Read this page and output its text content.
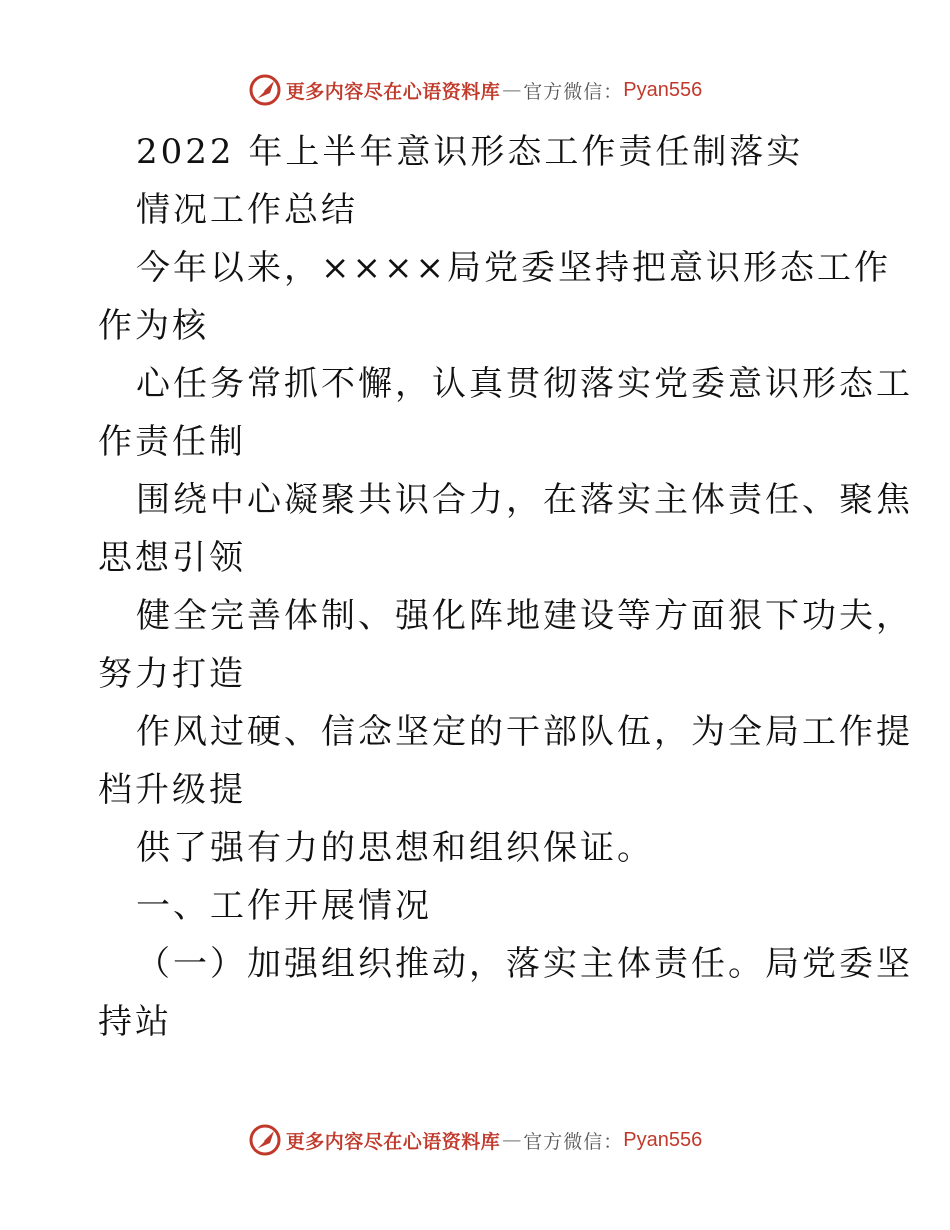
更多内容尽在心语资料库 — 官方微信： Pyan556
2022 年上半年意识形态工作责任制落实
情况工作总结
今年以来，××××局党委坚持把意识形态工作
作为核
心任务常抓不懈，认真贯彻落实党委意识形态工
作责任制
围绕中心凝聚共识合力，在落实主体责任、聚焦
思想引领
健全完善体制、强化阵地建设等方面狠下功夫，
努力打造
作风过硬、信念坚定的干部队伍，为全局工作提
档升级提
供了强有力的思想和组织保证。
一、工作开展情况
（一）加强组织推动，落实主体责任。局党委坚
持站
更多内容尽在心语资料库 — 官方微信： Pyan556
